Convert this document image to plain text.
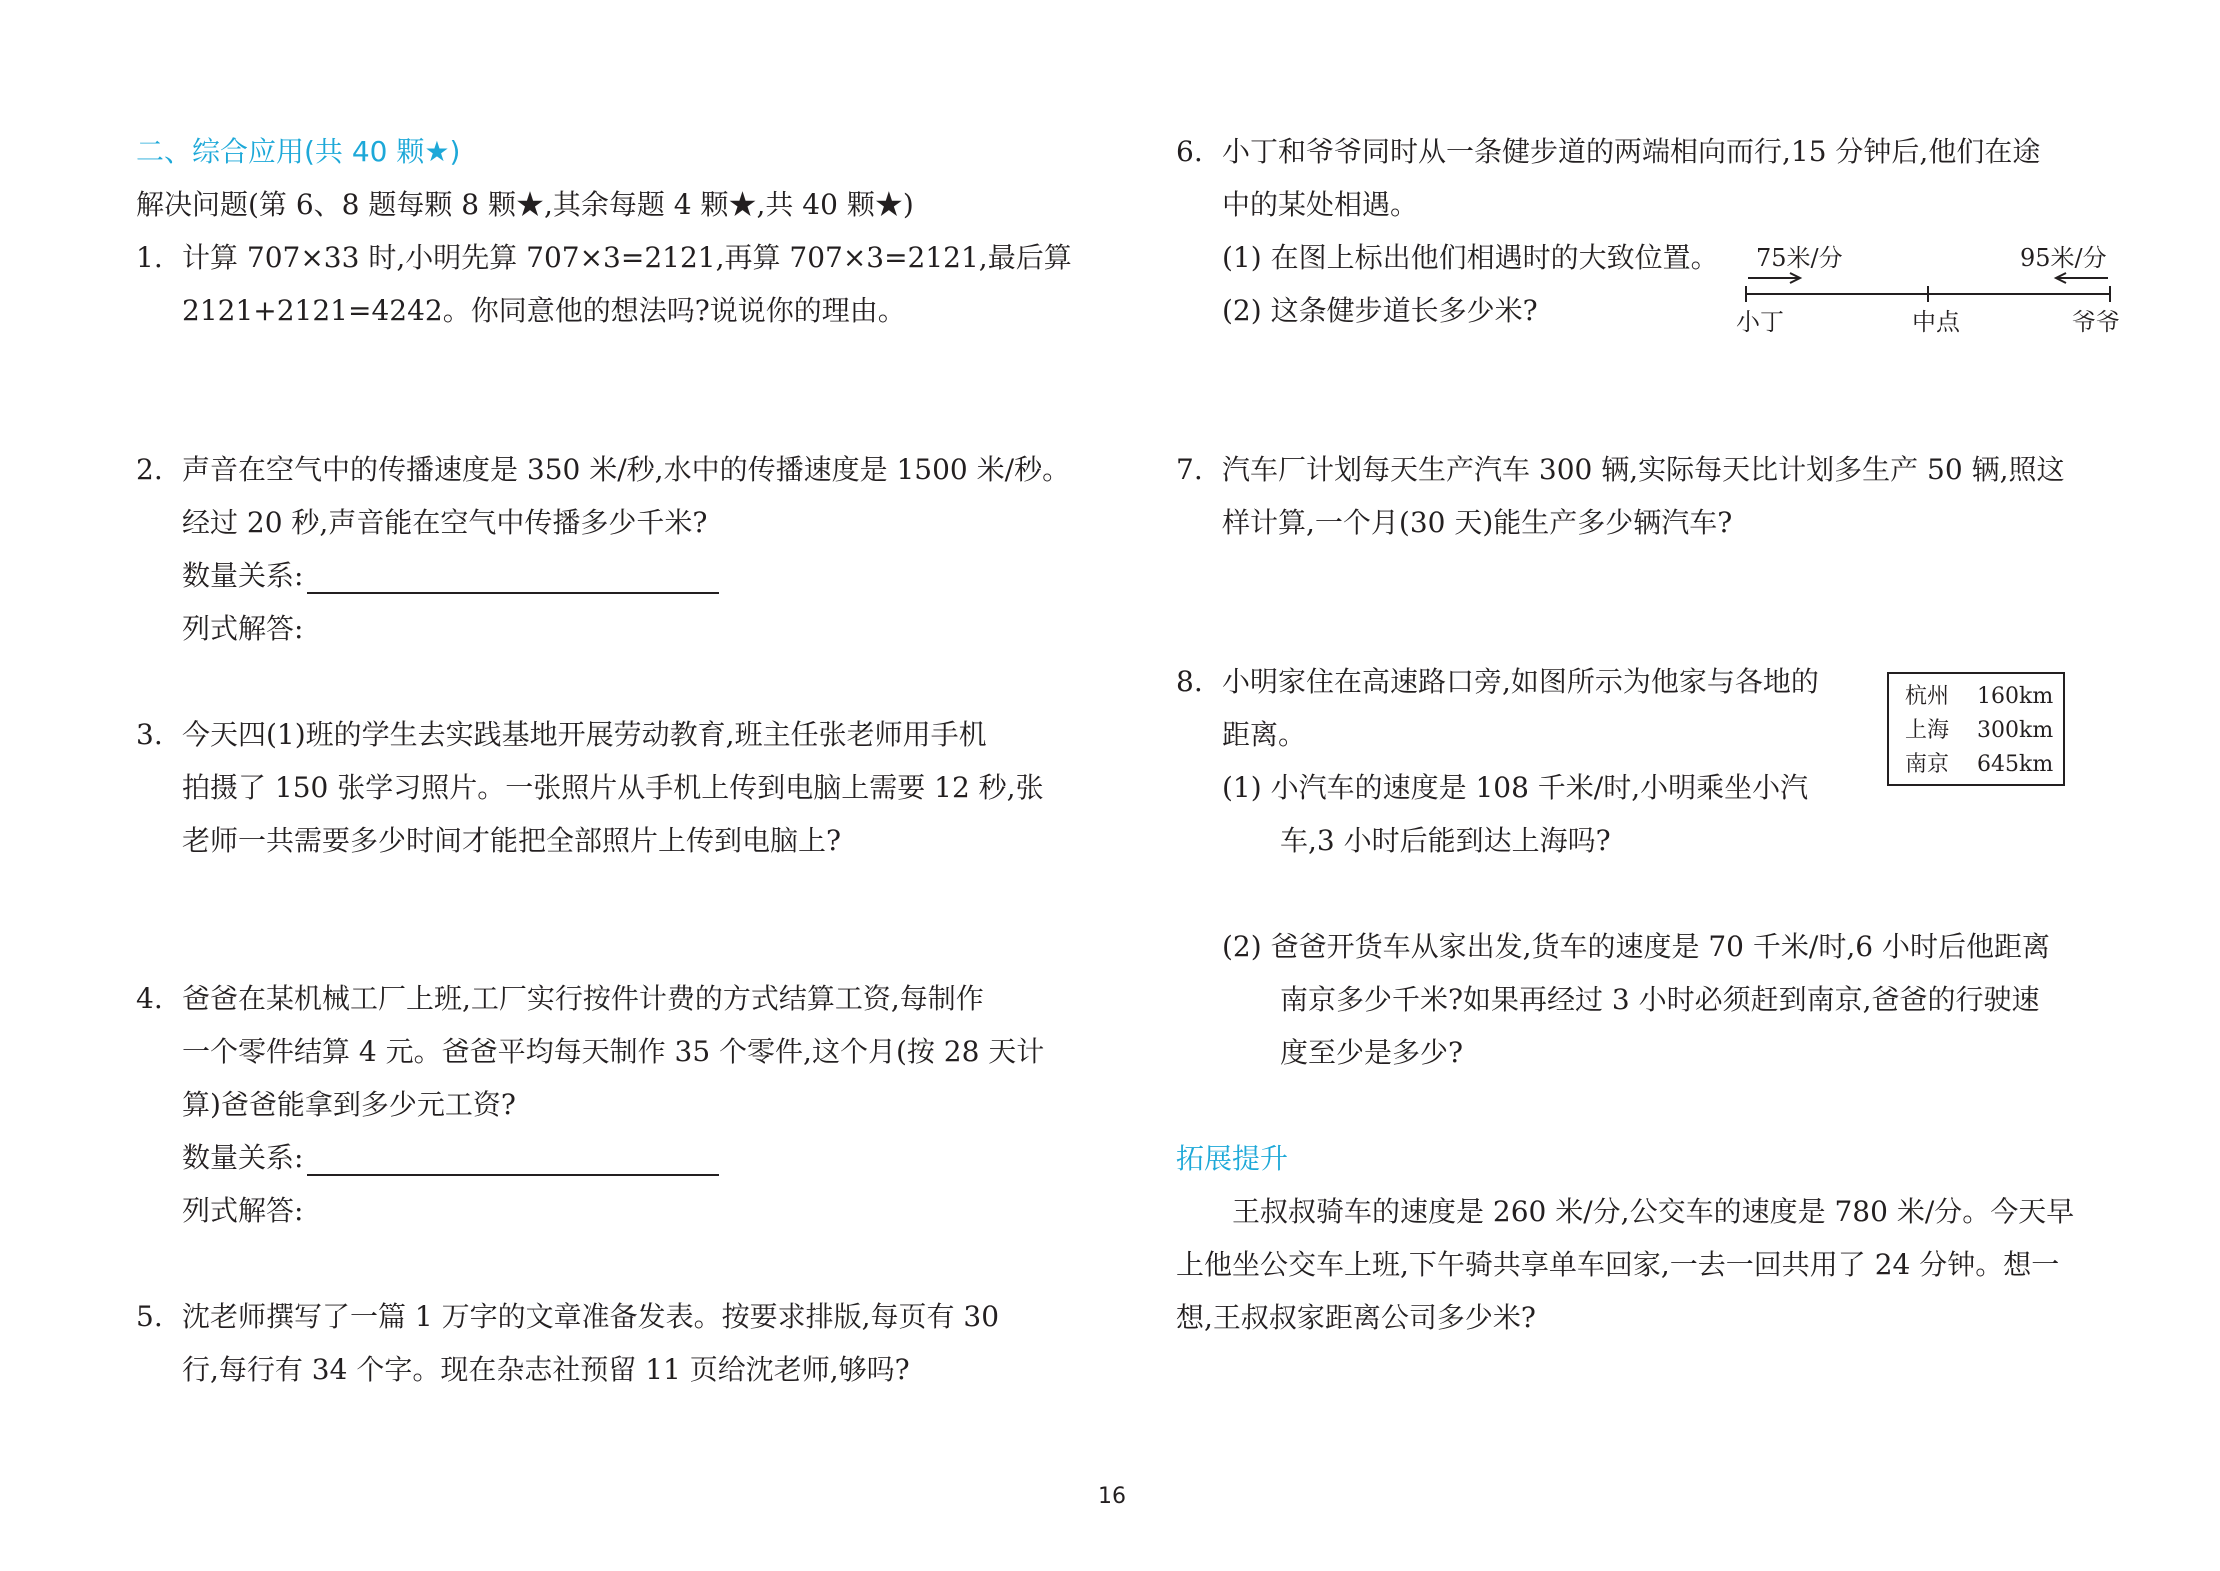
二、综合应用(共 40 颗★)
解决问题(第 6、8 题每颗 8 颗★,其余每题 4 颗★,共 40 颗★)
1. 计算 707×33 时,小明先算 707×3=2121,再算 707×3=2121,最后算
2121+2121=4242。你同意他的想法吗?说说你的理由。
2. 声音在空气中的传播速度是 350 米/秒,水中的传播速度是 1500 米/秒。
经过 20 秒,声音能在空气中传播多少千米?
数量关系:
列式解答:
3. 今天四(1)班的学生去实践基地开展劳动教育,班主任张老师用手机
拍摄了 150 张学习照片。一张照片从手机上传到电脑上需要 12 秒,张
老师一共需要多少时间才能把全部照片上传到电脑上?
4. 爸爸在某机械工厂上班,工厂实行按件计费的方式结算工资,每制作
一个零件结算 4 元。爸爸平均每天制作 35 个零件,这个月(按 28 天计
算)爸爸能拿到多少元工资?
数量关系:
列式解答:
5. 沈老师撰写了一篇 1 万字的文章准备发表。按要求排版,每页有 30
行,每行有 34 个字。现在杂志社预留 11 页给沈老师,够吗?
6. 小丁和爷爷同时从一条健步道的两端相向而行,15 分钟后,他们在途
中的某处相遇。
(1) 在图上标出他们相遇时的大致位置。
(2) 这条健步道长多少米?
7. 汽车厂计划每天生产汽车 300 辆,实际每天比计划多生产 50 辆,照这
样计算,一个月(30 天)能生产多少辆汽车?
8. 小明家住在高速路口旁,如图所示为他家与各地的
距离。
(1) 小汽车的速度是 108 千米/时,小明乘坐小汽
车,3 小时后能到达上海吗?
(2) 爸爸开货车从家出发,货车的速度是 70 千米/时,6 小时后他距离
南京多少千米?如果再经过 3 小时必须赶到南京,爸爸的行驶速
度至少是多少?
拓展提升
王叔叔骑车的速度是 260 米/分,公交车的速度是 780 米/分。今天早
上他坐公交车上班,下午骑共享单车回家,一去一回共用了 24 分钟。想一
想,王叔叔家距离公司多少米?
75米/分	95米/分
小丁	中点	爷爷
杭州 160km
上海 300km
南京 645km
16
